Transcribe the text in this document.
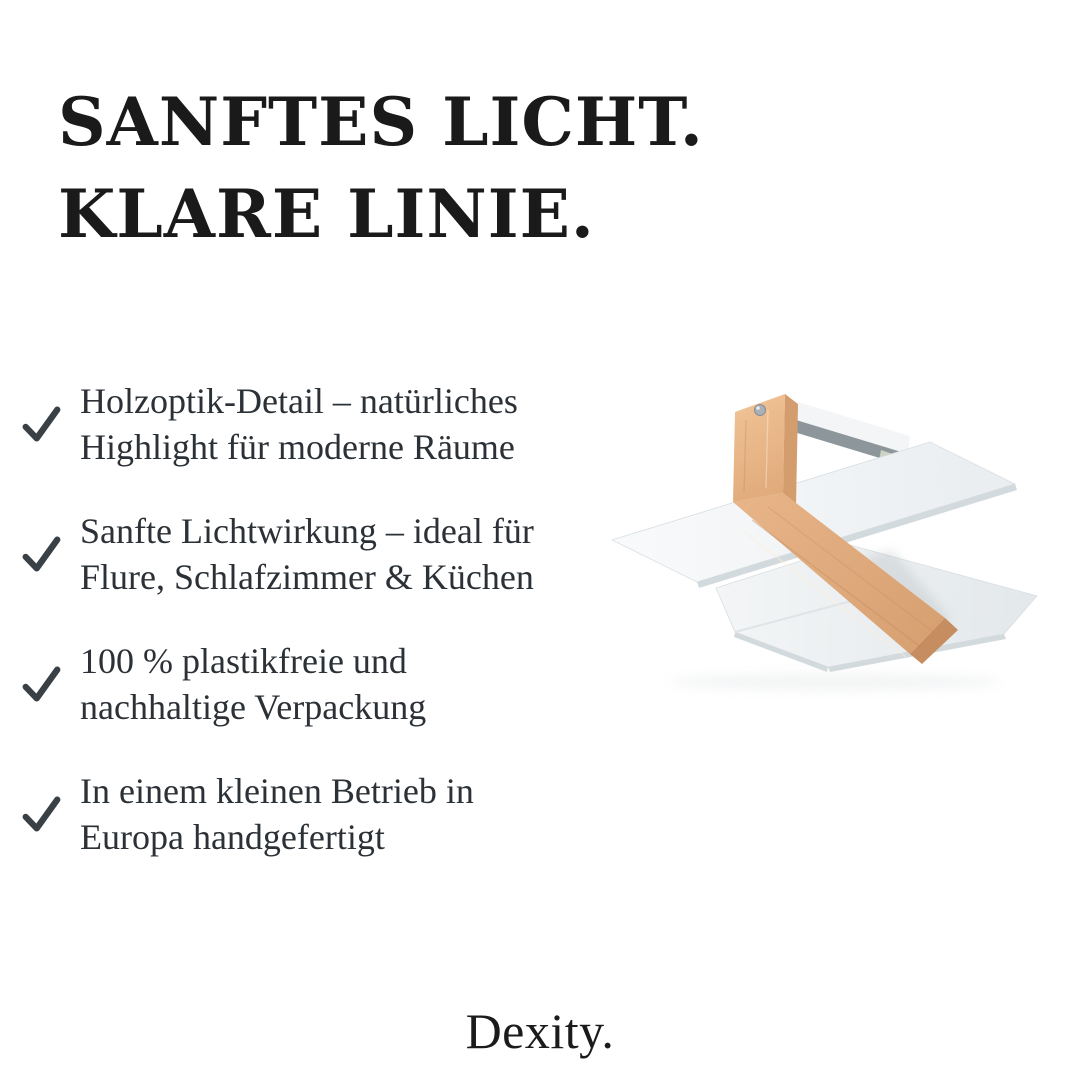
SANFTES LICHT.
KLARE LINIE.
Holzoptik-Detail – natürliches
Highlight für moderne Räume
Sanfte Lichtwirkung – ideal für
Flure, Schlafzimmer & Küchen
100 % plastikfreie und
nachhaltige Verpackung
In einem kleinen Betrieb in
Europa handgefertigt
Dexity.
